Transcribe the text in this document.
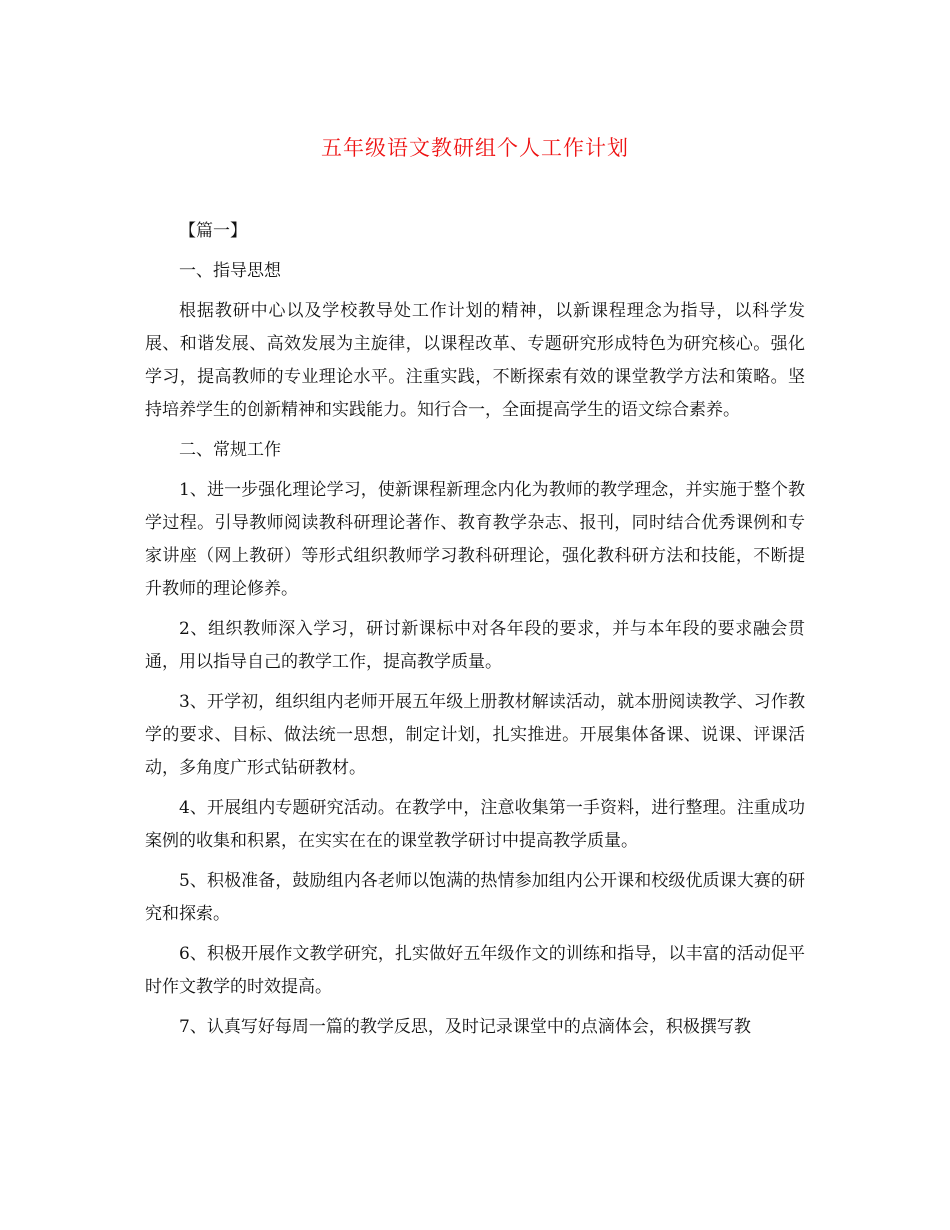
五年级语文教研组个人工作计划

【篇一】

一、指导思想

根据教研中心以及学校教导处工作计划的精神，以新课程理念为指导，以科学发展、和谐发展、高效发展为主旋律，以课程改革、专题研究形成特色为研究核心。强化学习，提高教师的专业理论水平。注重实践，不断探索有效的课堂教学方法和策略。坚持培养学生的创新精神和实践能力。知行合一，全面提高学生的语文综合素养。

二、常规工作

1、进一步强化理论学习，使新课程新理念内化为教师的教学理念，并实施于整个教学过程。引导教师阅读教科研理论著作、教育教学杂志、报刊，同时结合优秀课例和专家讲座（网上教研）等形式组织教师学习教科研理论，强化教科研方法和技能，不断提升教师的理论修养。

2、组织教师深入学习，研讨新课标中对各年段的要求，并与本年段的要求融会贯通，用以指导自己的教学工作，提高教学质量。

3、开学初，组织组内老师开展五年级上册教材解读活动，就本册阅读教学、习作教学的要求、目标、做法统一思想，制定计划，扎实推进。开展集体备课、说课、评课活动，多角度广形式钻研教材。

4、开展组内专题研究活动。在教学中，注意收集第一手资料，进行整理。注重成功案例的收集和积累，在实实在在的课堂教学研讨中提高教学质量。

5、积极准备，鼓励组内各老师以饱满的热情参加组内公开课和校级优质课大赛的研究和探索。

6、积极开展作文教学研究，扎实做好五年级作文的训练和指导，以丰富的活动促平时作文教学的时效提高。

7、认真写好每周一篇的教学反思，及时记录课堂中的点滴体会，积极撰写教
